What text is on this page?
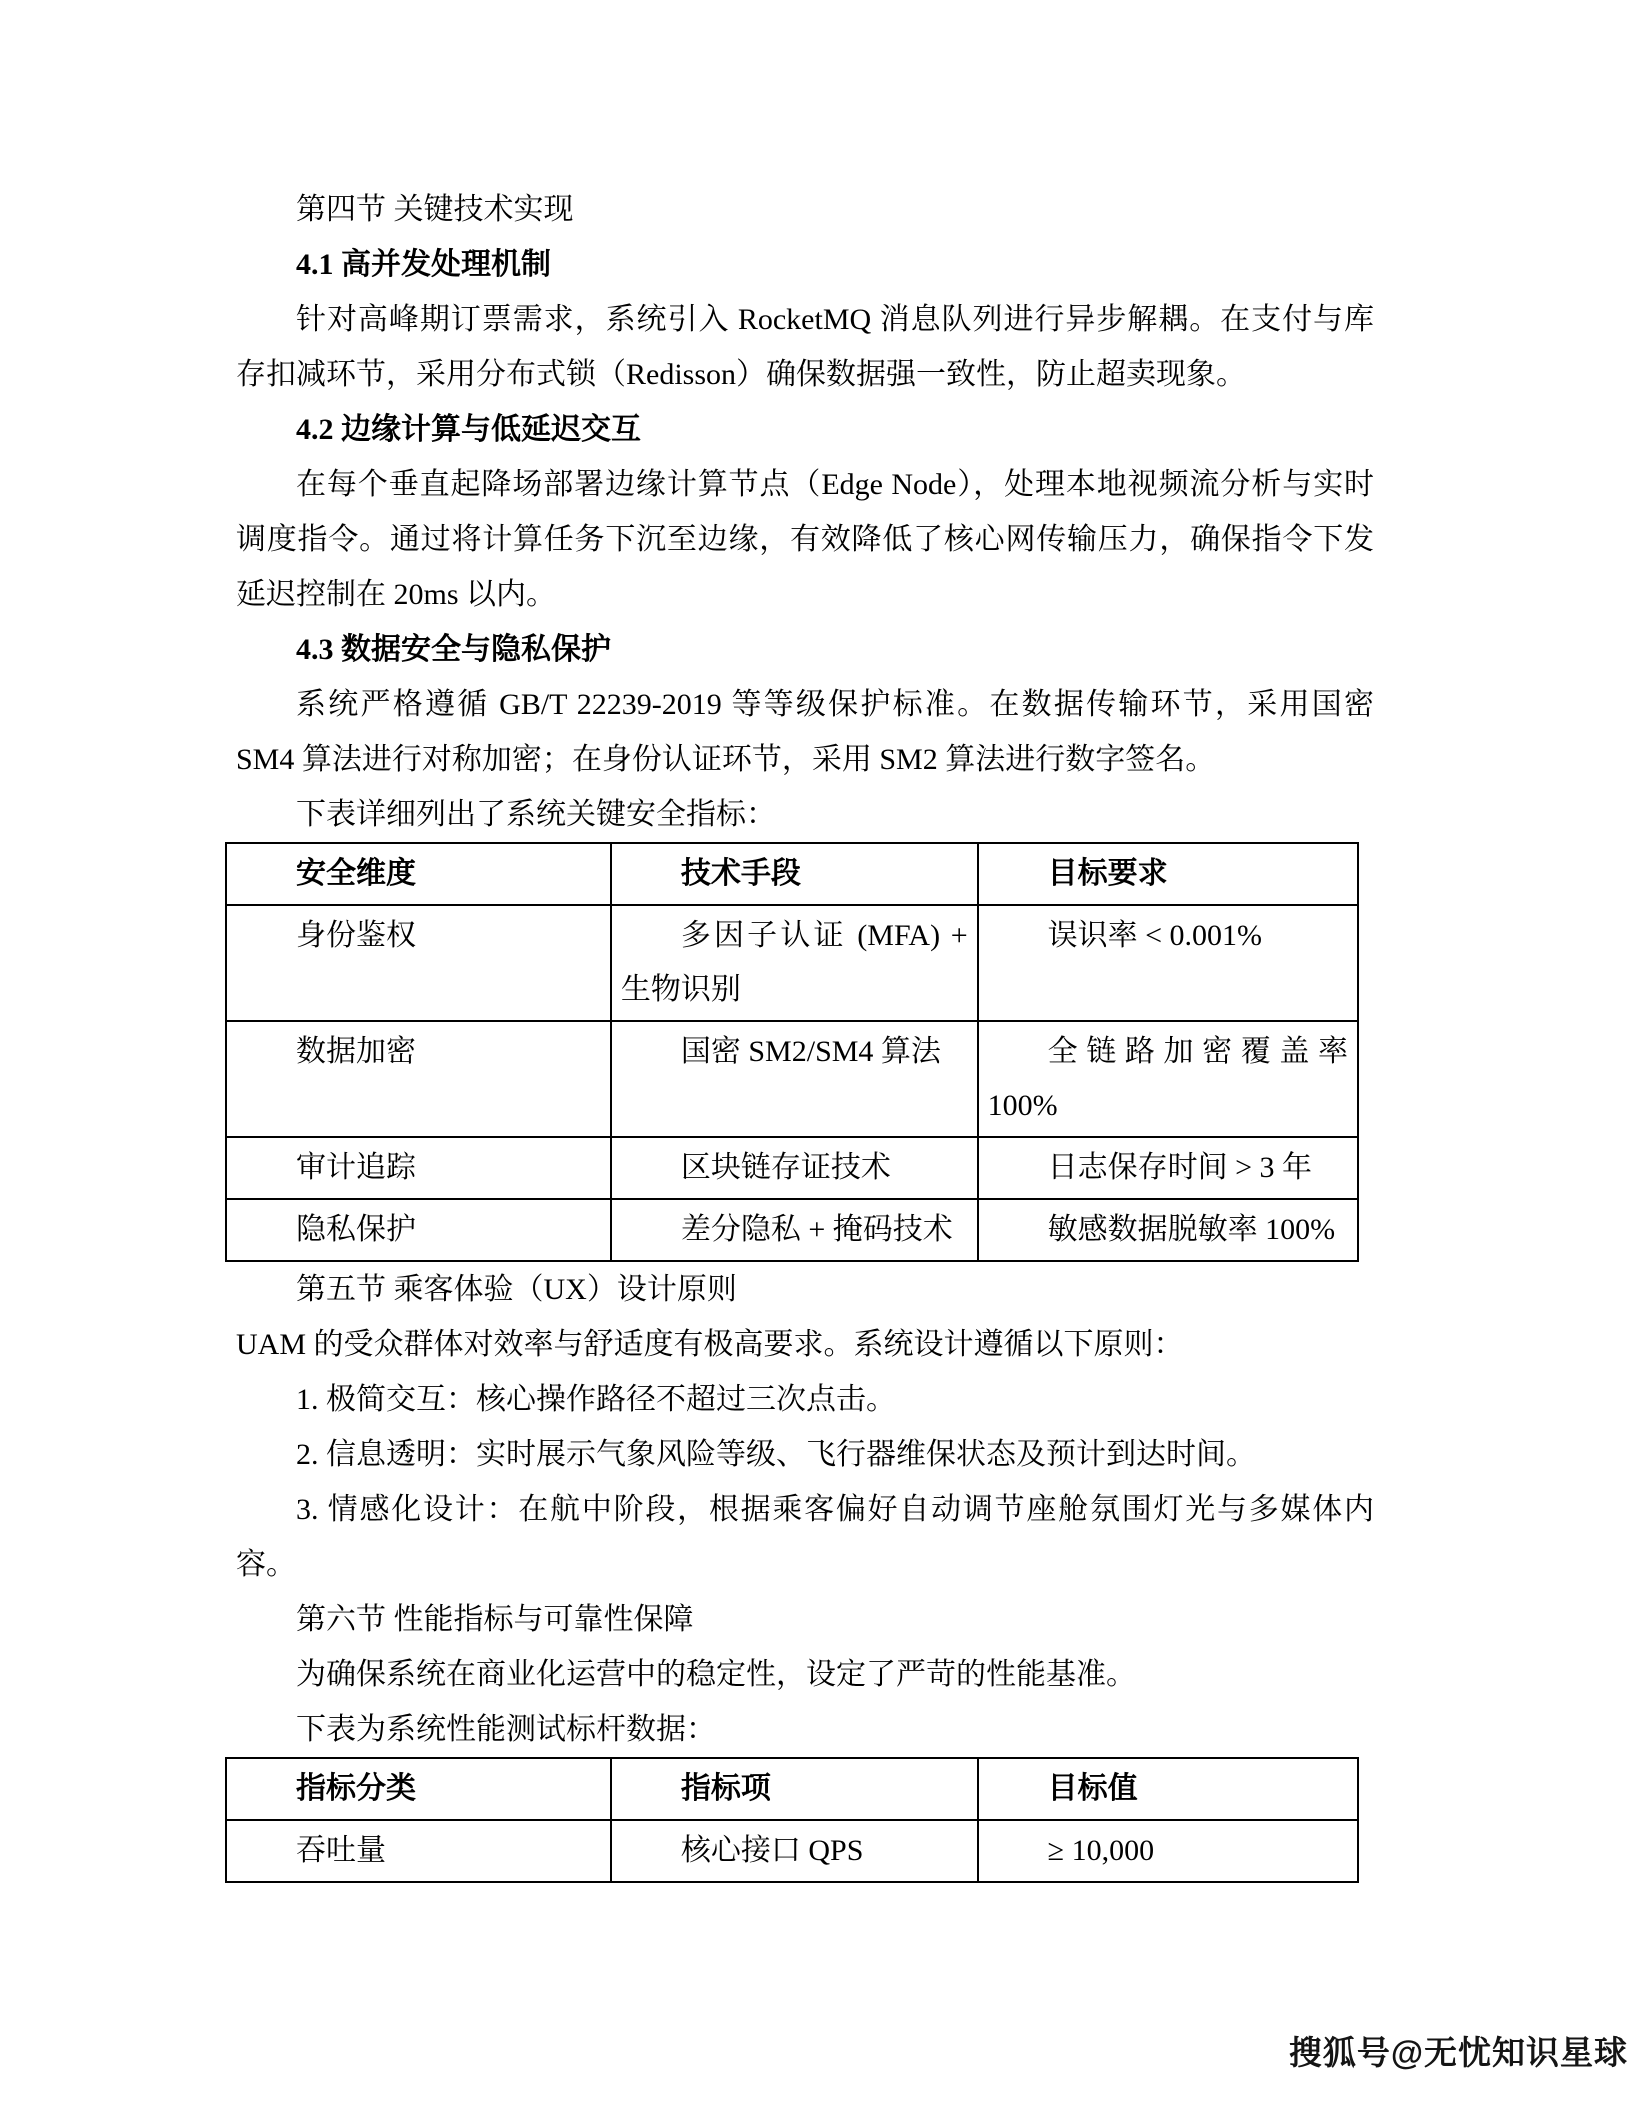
第四节 关键技术实现

4.1 高并发处理机制

针对高峰期订票需求，系统引入 RocketMQ 消息队列进行异步解耦。在支付与库存扣减环节，采用分布式锁（Redisson）确保数据强一致性，防止超卖现象。

4.2 边缘计算与低延迟交互

在每个垂直起降场部署边缘计算节点（Edge Node），处理本地视频流分析与实时调度指令。通过将计算任务下沉至边缘，有效降低了核心网传输压力，确保指令下发延迟控制在 20ms 以内。

4.3 数据安全与隐私保护

系统严格遵循 GB/T 22239-2019 等等级保护标准。在数据传输环节，采用国密 SM4 算法进行对称加密；在身份认证环节，采用 SM2 算法进行数字签名。

下表详细列出了系统关键安全指标：

安全维度	技术手段	目标要求
身份鉴权	多因子认证 (MFA) + 生物识别	误识率 < 0.001%
数据加密	国密 SM2/SM4 算法	全链路加密覆盖率 100%
审计追踪	区块链存证技术	日志保存时间 > 3 年
隐私保护	差分隐私 + 掩码技术	敏感数据脱敏率 100%

第五节 乘客体验（UX）设计原则

UAM 的受众群体对效率与舒适度有极高要求。系统设计遵循以下原则：

1. 极简交互：核心操作路径不超过三次点击。

2. 信息透明：实时展示气象风险等级、飞行器维保状态及预计到达时间。

3. 情感化设计：在航中阶段，根据乘客偏好自动调节座舱氛围灯光与多媒体内容。

第六节 性能指标与可靠性保障

为确保系统在商业化运营中的稳定性，设定了严苛的性能基准。

下表为系统性能测试标杆数据：

指标分类	指标项	目标值
吞吐量	核心接口 QPS	≥ 10,000
搜狐号@无忧知识星球
